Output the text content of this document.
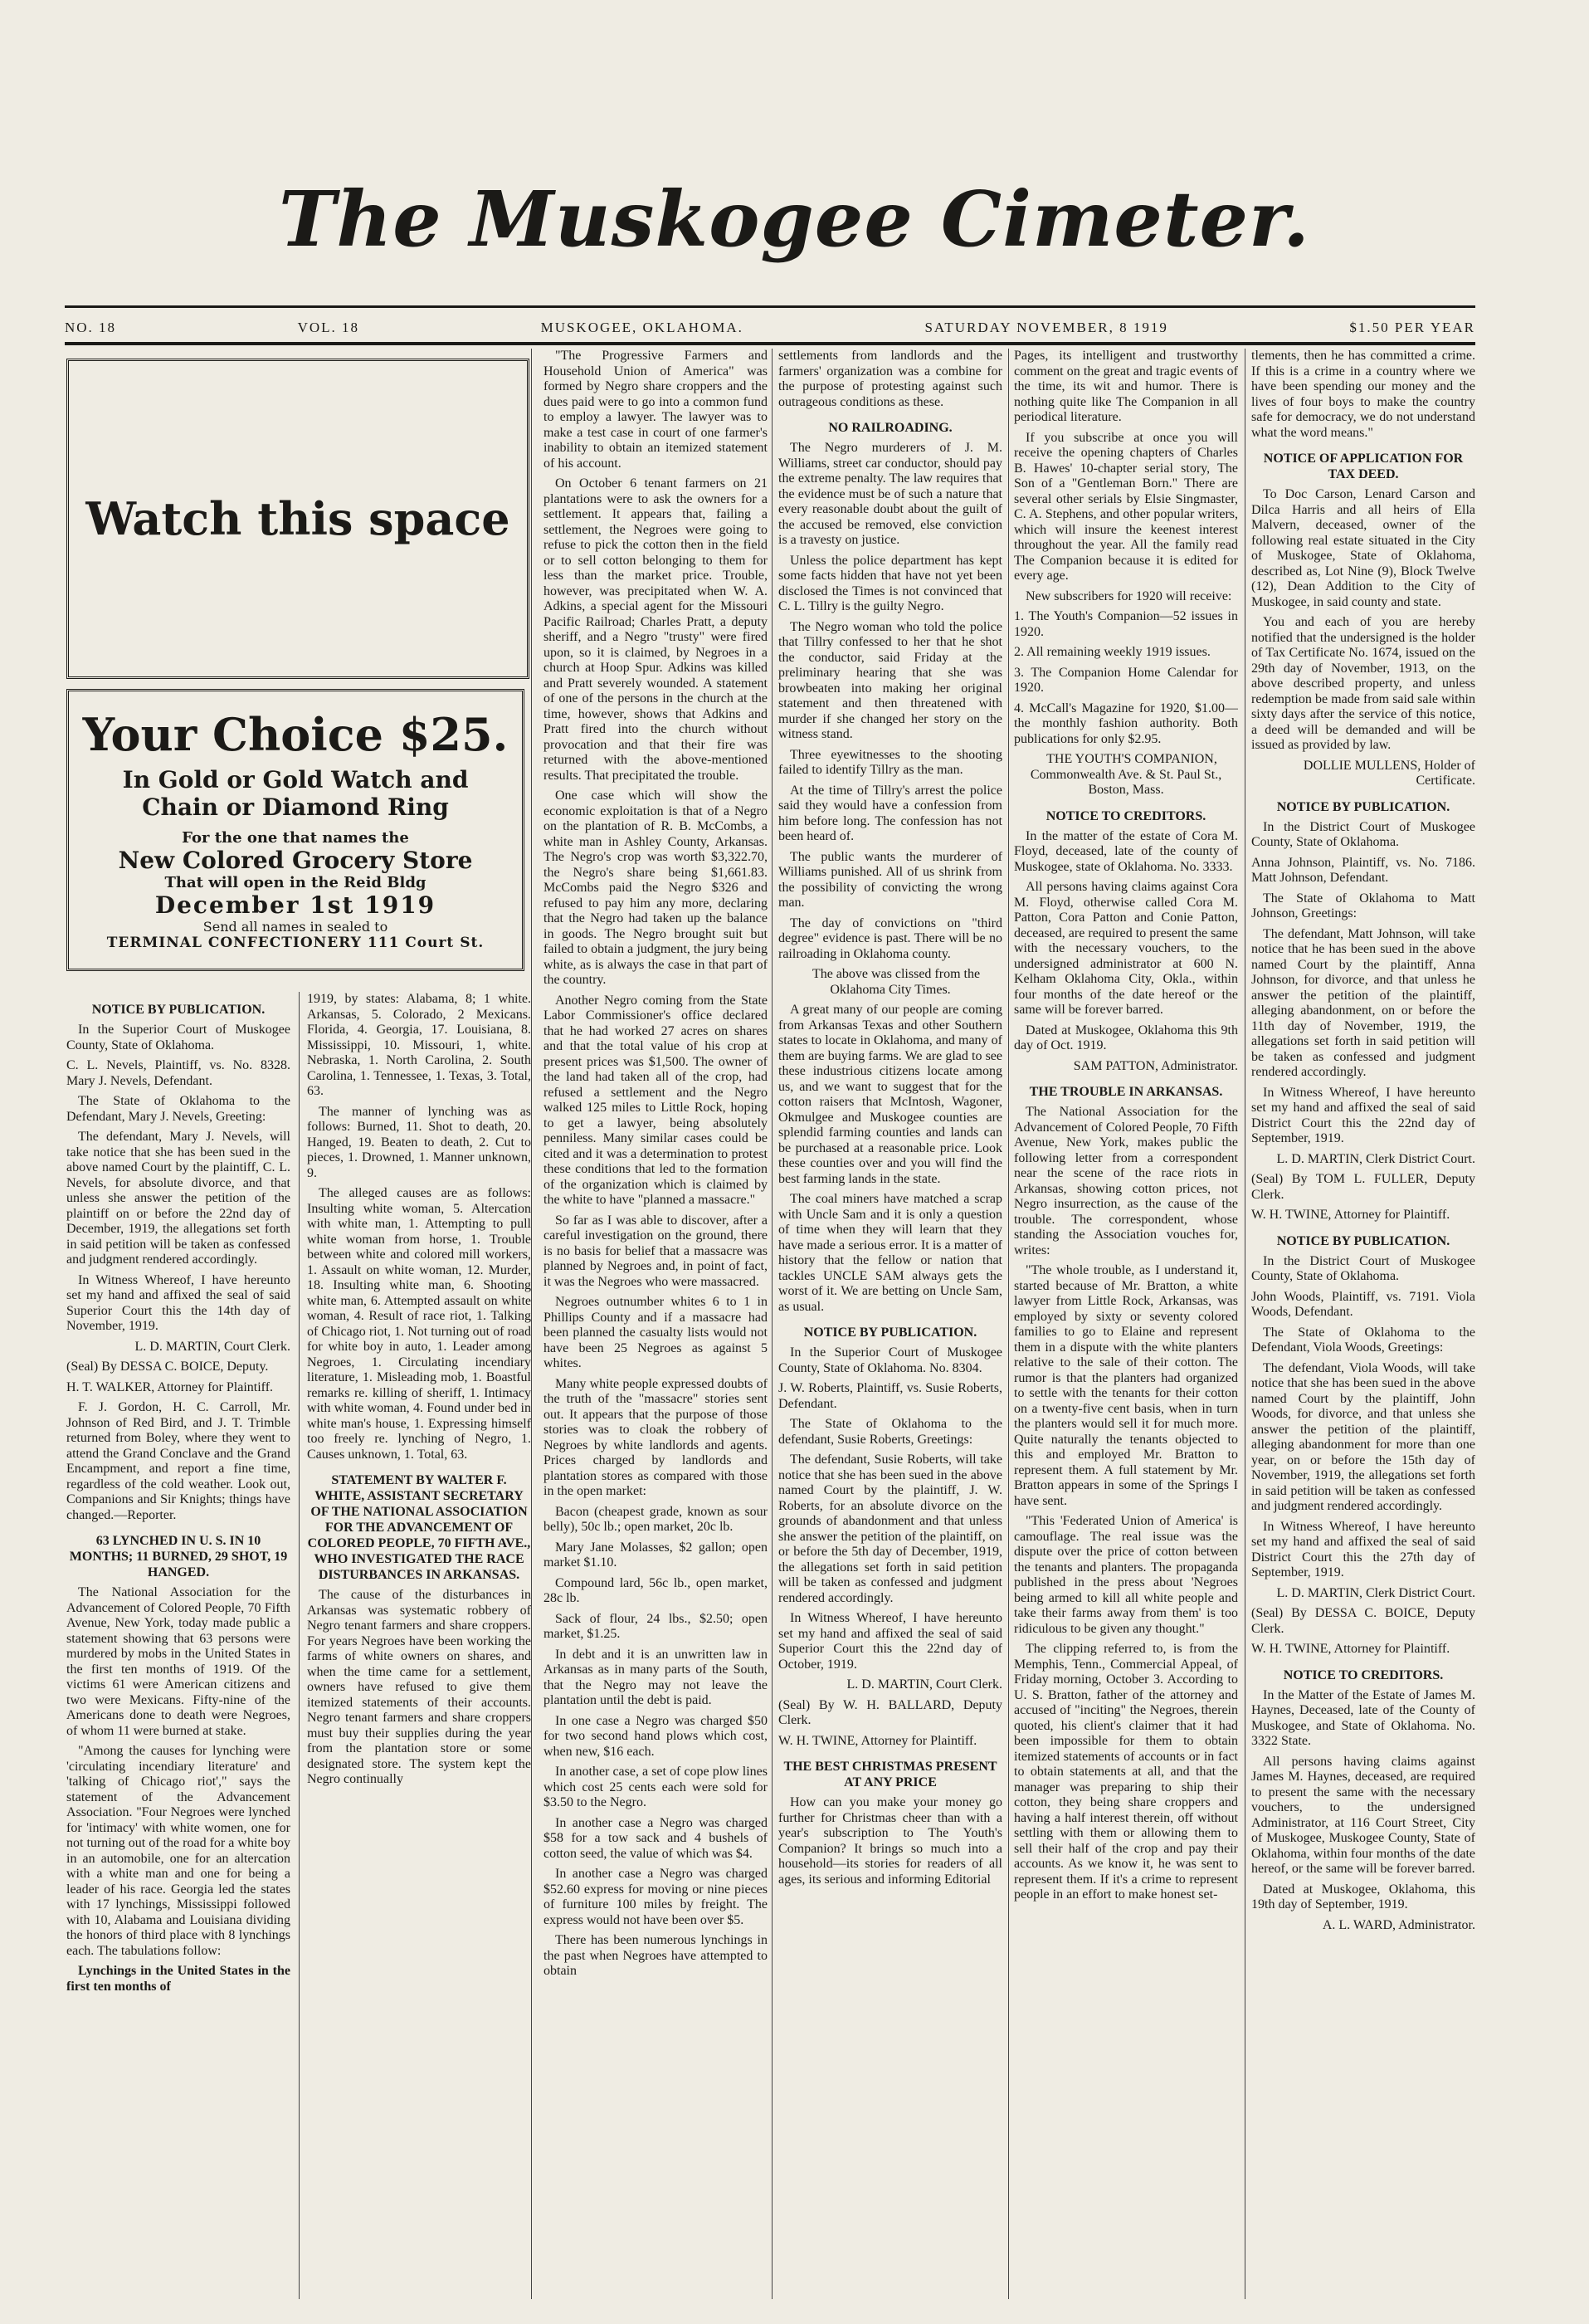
The Muskogee Cimeter.
NO. 18	VOL. 18	MUSKOGEE, OKLAHOMA.	SATURDAY NOVEMBER, 8 1919	$1.50 PER YEAR
Watch this space
Your Choice $25.
In Gold or Gold Watch and
Chain or Diamond Ring
For the one that names the
New Colored Grocery Store
That will open in the Reid Bldg
December 1st 1919
Send all names in sealed to
TERMINAL CONFECTIONERY 111 Court St.
NOTICE BY PUBLICATION.

In the Superior Court of Muskogee County, State of Oklahoma.

C. L. Nevels, Plaintiff, vs. No. 8328. Mary J. Nevels, Defendant.

The State of Oklahoma to the Defendant, Mary J. Nevels, Greeting:

The defendant, Mary J. Nevels, will take notice that she has been sued in the above named Court by the plaintiff, C. L. Nevels, for absolute divorce, and that unless she answer the petition of the plaintiff on or before the 22nd day of December, 1919, the allegations set forth in said petition will be taken as confessed and judgment rendered accordingly.

In Witness Whereof, I have hereunto set my hand and affixed the seal of said Superior Court this the 14th day of November, 1919.

L. D. MARTIN, Court Clerk.

(Seal) By DESSA C. BOICE, Deputy.

H. T. WALKER, Attorney for Plaintiff.

F. J. Gordon, H. C. Carroll, Mr. Johnson of Red Bird, and J. T. Trimble returned from Boley, where they went to attend the Grand Conclave and the Grand Encampment, and report a fine time, regardless of the cold weather. Look out, Companions and Sir Knights; things have changed.—Reporter.

63 LYNCHED IN U. S. IN 10 MONTHS; 11 BURNED, 29 SHOT, 19 HANGED.

The National Association for the Advancement of Colored People, 70 Fifth Avenue, New York, today made public a statement showing that 63 persons were murdered by mobs in the United States in the first ten months of 1919. Of the victims 61 were American citizens and two were Mexicans. Fifty-nine of the Americans done to death were Negroes, of whom 11 were burned at stake.

"Among the causes for lynching were 'circulating incendiary literature' and 'talking of Chicago riot'," says the statement of the Advancement Association. "Four Negroes were lynched for 'intimacy' with white women, one for not turning out of the road for a white boy in an automobile, one for an altercation with a white man and one for being a leader of his race. Georgia led the states with 17 lynchings, Mississippi followed with 10, Alabama and Louisiana dividing the honors of third place with 8 lynchings each. The tabulations follow:

Lynchings in the United States in the first ten months of

1919, by states: Alabama, 8; 1 white. Arkansas, 5. Colorado, 2 Mexicans. Florida, 4. Georgia, 17. Louisiana, 8. Mississippi, 10. Missouri, 1, white. Nebraska, 1. North Carolina, 2. South Carolina, 1. Tennessee, 1. Texas, 3. Total, 63.

The manner of lynching was as follows: Burned, 11. Shot to death, 20. Hanged, 19. Beaten to death, 2. Cut to pieces, 1. Drowned, 1. Manner unknown, 9.

The alleged causes are as follows: Insulting white woman, 5. Altercation with white man, 1. Attempting to pull white woman from horse, 1. Trouble between white and colored mill workers, 1. Assault on white woman, 12. Murder, 18. Insulting white man, 6. Shooting white man, 6. Attempted assault on white woman, 4. Result of race riot, 1. Talking of Chicago riot, 1. Not turning out of road for white boy in auto, 1. Leader among Negroes, 1. Circulating incendiary literature, 1. Misleading mob, 1. Boastful remarks re. killing of sheriff, 1. Intimacy with white woman, 4. Found under bed in white man's house, 1. Expressing himself too freely re. lynching of Negro, 1. Causes unknown, 1. Total, 63.

STATEMENT BY WALTER F. WHITE, ASSISTANT SECRETARY OF THE NATIONAL ASSOCIATION FOR THE ADVANCEMENT OF COLORED PEOPLE, 70 FIFTH AVE., WHO INVESTIGATED THE RACE DISTURBANCES IN ARKANSAS.

The cause of the disturbances in Arkansas was systematic robbery of Negro tenant farmers and share croppers. For years Negroes have been working the farms of white owners on shares, and when the time came for a settlement, owners have refused to give them itemized statements of their accounts. Negro tenant farmers and share croppers must buy their supplies during the year from the plantation store or some designated store. The system kept the Negro continually

"The Progressive Farmers and Household Union of America" was formed by Negro share croppers and the dues paid were to go into a common fund to employ a lawyer. The lawyer was to make a test case in court of one farmer's inability to obtain an itemized statement of his account.

On October 6 tenant farmers on 21 plantations were to ask the owners for a settlement. It appears that, failing a settlement, the Negroes were going to refuse to pick the cotton then in the field or to sell cotton belonging to them for less than the market price. Trouble, however, was precipitated when W. A. Adkins, a special agent for the Missouri Pacific Railroad; Charles Pratt, a deputy sheriff, and a Negro "trusty" were fired upon, so it is claimed, by Negroes in a church at Hoop Spur. Adkins was killed and Pratt severely wounded. A statement of one of the persons in the church at the time, however, shows that Adkins and Pratt fired into the church without provocation and that their fire was returned with the above-mentioned results. That precipitated the trouble.

One case which will show the economic exploitation is that of a Negro on the plantation of R. B. McCombs, a white man in Ashley County, Arkansas. The Negro's crop was worth $3,322.70, the Negro's share being $1,661.83. McCombs paid the Negro $326 and refused to pay him any more, declaring that the Negro had taken up the balance in goods. The Negro brought suit but failed to obtain a judgment, the jury being white, as is always the case in that part of the country.

Another Negro coming from the State Labor Commissioner's office declared that he had worked 27 acres on shares and that the total value of his crop at present prices was $1,500. The owner of the land had taken all of the crop, had refused a settlement and the Negro walked 125 miles to Little Rock, hoping to get a lawyer, being absolutely penniless. Many similar cases could be cited and it was a determination to protest these conditions that led to the formation of the organization which is claimed by the white to have "planned a massacre."

So far as I was able to discover, after a careful investigation on the ground, there is no basis for belief that a massacre was planned by Negroes and, in point of fact, it was the Negroes who were massacred.

Negroes outnumber whites 6 to 1 in Phillips County and if a massacre had been planned the casualty lists would not have been 25 Negroes as against 5 whites.

Many white people expressed doubts of the truth of the "massacre" stories sent out. It appears that the purpose of those stories was to cloak the robbery of Negroes by white landlords and agents. Prices charged by landlords and plantation stores as compared with those in the open market:

Bacon (cheapest grade, known as sour belly), 50c lb.; open market, 20c lb.

Mary Jane Molasses, $2 gallon; open market $1.10.

Compound lard, 56c lb., open market, 28c lb.

Sack of flour, 24 lbs., $2.50; open market, $1.25.

In debt and it is an unwritten law in Arkansas as in many parts of the South, that the Negro may not leave the plantation until the debt is paid.

In one case a Negro was charged $50 for two second hand plows which cost, when new, $16 each.

In another case, a set of cope plow lines which cost 25 cents each were sold for $3.50 to the Negro.

In another case a Negro was charged $58 for a tow sack and 4 bushels of cotton seed, the value of which was $4.

In another case a Negro was charged $52.60 express for moving or nine pieces of furniture 100 miles by freight. The express would not have been over $5.

There has been numerous lynchings in the past when Negroes have attempted to obtain

settlements from landlords and the farmers' organization was a combine for the purpose of protesting against such outrageous conditions as these.

NO RAILROADING.

The Negro murderers of J. M. Williams, street car conductor, should pay the extreme penalty. The law requires that the evidence must be of such a nature that every reasonable doubt about the guilt of the accused be removed, else conviction is a travesty on justice.

Unless the police department has kept some facts hidden that have not yet been disclosed the Times is not convinced that C. L. Tillry is the guilty Negro.

The Negro woman who told the police that Tillry confessed to her that he shot the conductor, said Friday at the preliminary hearing that she was browbeaten into making her original statement and then threatened with murder if she changed her story on the witness stand.

Three eyewitnesses to the shooting failed to identify Tillry as the man.

At the time of Tillry's arrest the police said they would have a confession from him before long. The confession has not been heard of.

The public wants the murderer of Williams punished. All of us shrink from the possibility of convicting the wrong man.

The day of convictions on "third degree" evidence is past. There will be no railroading in Oklahoma county.

The above was clissed from the Oklahoma City Times.

A great many of our people are coming from Arkansas Texas and other Southern states to locate in Oklahoma, and many of them are buying farms. We are glad to see these industrious citizens locate among us, and we want to suggest that for the cotton raisers that McIntosh, Wagoner, Okmulgee and Muskogee counties are splendid farming counties and lands can be purchased at a reasonable price. Look these counties over and you will find the best farming lands in the state.

The coal miners have matched a scrap with Uncle Sam and it is only a question of time when they will learn that they have made a serious error. It is a matter of history that the fellow or nation that tackles UNCLE SAM always gets the worst of it. We are betting on Uncle Sam, as usual.

NOTICE BY PUBLICATION.

In the Superior Court of Muskogee County, State of Oklahoma. No. 8304.

J. W. Roberts, Plaintiff, vs. Susie Roberts, Defendant.

The State of Oklahoma to the defendant, Susie Roberts, Greetings:

The defendant, Susie Roberts, will take notice that she has been sued in the above named Court by the plaintiff, J. W. Roberts, for an absolute divorce on the grounds of abandonment and that unless she answer the petition of the plaintiff, on or before the 5th day of December, 1919, the allegations set forth in said petition will be taken as confessed and judgment rendered accordingly.

In Witness Whereof, I have hereunto set my hand and affixed the seal of said Superior Court this the 22nd day of October, 1919.

L. D. MARTIN, Court Clerk.

(Seal) By W. H. BALLARD, Deputy Clerk.

W. H. TWINE, Attorney for Plaintiff.

THE BEST CHRISTMAS PRESENT AT ANY PRICE

How can you make your money go further for Christmas cheer than with a year's subscription to The Youth's Companion? It brings so much into a household—its stories for readers of all ages, its serious and informing Editorial

Pages, its intelligent and trustworthy comment on the great and tragic events of the time, its wit and humor. There is nothing quite like The Companion in all periodical literature.

If you subscribe at once you will receive the opening chapters of Charles B. Hawes' 10-chapter serial story, The Son of a "Gentleman Born." There are several other serials by Elsie Singmaster, C. A. Stephens, and other popular writers, which will insure the keenest interest throughout the year. All the family read The Companion because it is edited for every age.

New subscribers for 1920 will receive:

1. The Youth's Companion—52 issues in 1920.

2. All remaining weekly 1919 issues.

3. The Companion Home Calendar for 1920.

4. McCall's Magazine for 1920, $1.00—the monthly fashion authority. Both publications for only $2.95.

THE YOUTH'S COMPANION, Commonwealth Ave. & St. Paul St., Boston, Mass.

NOTICE TO CREDITORS.

In the matter of the estate of Cora M. Floyd, deceased, late of the county of Muskogee, state of Oklahoma. No. 3333.

All persons having claims against Cora M. Floyd, otherwise called Cora M. Patton, Cora Patton and Conie Patton, deceased, are required to present the same with the necessary vouchers, to the undersigned administrator at 600 N. Kelham Oklahoma City, Okla., within four months of the date hereof or the same will be forever barred.

Dated at Muskogee, Oklahoma this 9th day of Oct. 1919.

SAM PATTON, Administrator.

THE TROUBLE IN ARKANSAS.

The National Association for the Advancement of Colored People, 70 Fifth Avenue, New York, makes public the following letter from a correspondent near the scene of the race riots in Arkansas, showing cotton prices, not Negro insurrection, as the cause of the trouble. The correspondent, whose standing the Association vouches for, writes:

"The whole trouble, as I understand it, started because of Mr. Bratton, a white lawyer from Little Rock, Arkansas, was employed by sixty or seventy colored families to go to Elaine and represent them in a dispute with the white planters relative to the sale of their cotton. The rumor is that the planters had organized to settle with the tenants for their cotton on a twenty-five cent basis, when in turn the planters would sell it for much more. Quite naturally the tenants objected to this and employed Mr. Bratton to represent them. A full statement by Mr. Bratton appears in some of the Springs I have sent.

"This 'Federated Union of America' is camouflage. The real issue was the dispute over the price of cotton between the tenants and planters. The propaganda published in the press about 'Negroes being armed to kill all white people and take their farms away from them' is too ridiculous to be given any thought."

The clipping referred to, is from the Memphis, Tenn., Commercial Appeal, of Friday morning, October 3. According to U. S. Bratton, father of the attorney and accused of "inciting" the Negroes, therein quoted, his client's claimer that it had been impossible for them to obtain itemized statements of accounts or in fact to obtain statements at all, and that the manager was preparing to ship their cotton, they being share croppers and having a half interest therein, off without settling with them or allowing them to sell their half of the crop and pay their accounts. As we know it, he was sent to represent them. If it's a crime to represent people in an effort to make honest set-

tlements, then he has committed a crime. If this is a crime in a country where we have been spending our money and the lives of four boys to make the country safe for democracy, we do not understand what the word means."

NOTICE OF APPLICATION FOR TAX DEED.

To Doc Carson, Lenard Carson and Dilca Harris and all heirs of Ella Malvern, deceased, owner of the following real estate situated in the City of Muskogee, State of Oklahoma, described as, Lot Nine (9), Block Twelve (12), Dean Addition to the City of Muskogee, in said county and state.

You and each of you are hereby notified that the undersigned is the holder of Tax Certificate No. 1674, issued on the 29th day of November, 1913, on the above described property, and unless redemption be made from said sale within sixty days after the service of this notice, a deed will be demanded and will be issued as provided by law.

DOLLIE MULLENS, Holder of Certificate.

NOTICE BY PUBLICATION.

In the District Court of Muskogee County, State of Oklahoma.

Anna Johnson, Plaintiff, vs. No. 7186. Matt Johnson, Defendant.

The State of Oklahoma to Matt Johnson, Greetings:

The defendant, Matt Johnson, will take notice that he has been sued in the above named Court by the plaintiff, Anna Johnson, for divorce, and that unless he answer the petition of the plaintiff, alleging abandonment, on or before the 11th day of November, 1919, the allegations set forth in said petition will be taken as confessed and judgment rendered accordingly.

In Witness Whereof, I have hereunto set my hand and affixed the seal of said District Court this the 22nd day of September, 1919.

L. D. MARTIN, Clerk District Court.

(Seal) By TOM L. FULLER, Deputy Clerk.

W. H. TWINE, Attorney for Plaintiff.

NOTICE BY PUBLICATION.

In the District Court of Muskogee County, State of Oklahoma.

John Woods, Plaintiff, vs. 7191. Viola Woods, Defendant.

The State of Oklahoma to the Defendant, Viola Woods, Greetings:

The defendant, Viola Woods, will take notice that she has been sued in the above named Court by the plaintiff, John Woods, for divorce, and that unless she answer the petition of the plaintiff, alleging abandonment for more than one year, on or before the 15th day of November, 1919, the allegations set forth in said petition will be taken as confessed and judgment rendered accordingly.

In Witness Whereof, I have hereunto set my hand and affixed the seal of said District Court this the 27th day of September, 1919.

L. D. MARTIN, Clerk District Court.

(Seal) By DESSA C. BOICE, Deputy Clerk.

W. H. TWINE, Attorney for Plaintiff.

NOTICE TO CREDITORS.

In the Matter of the Estate of James M. Haynes, Deceased, late of the County of Muskogee, and State of Oklahoma. No. 3322 State.

All persons having claims against James M. Haynes, deceased, are required to present the same with the necessary vouchers, to the undersigned Administrator, at 116 Court Street, City of Muskogee, Muskogee County, State of Oklahoma, within four months of the date hereof, or the same will be forever barred.

Dated at Muskogee, Oklahoma, this 19th day of September, 1919.

A. L. WARD, Administrator.
